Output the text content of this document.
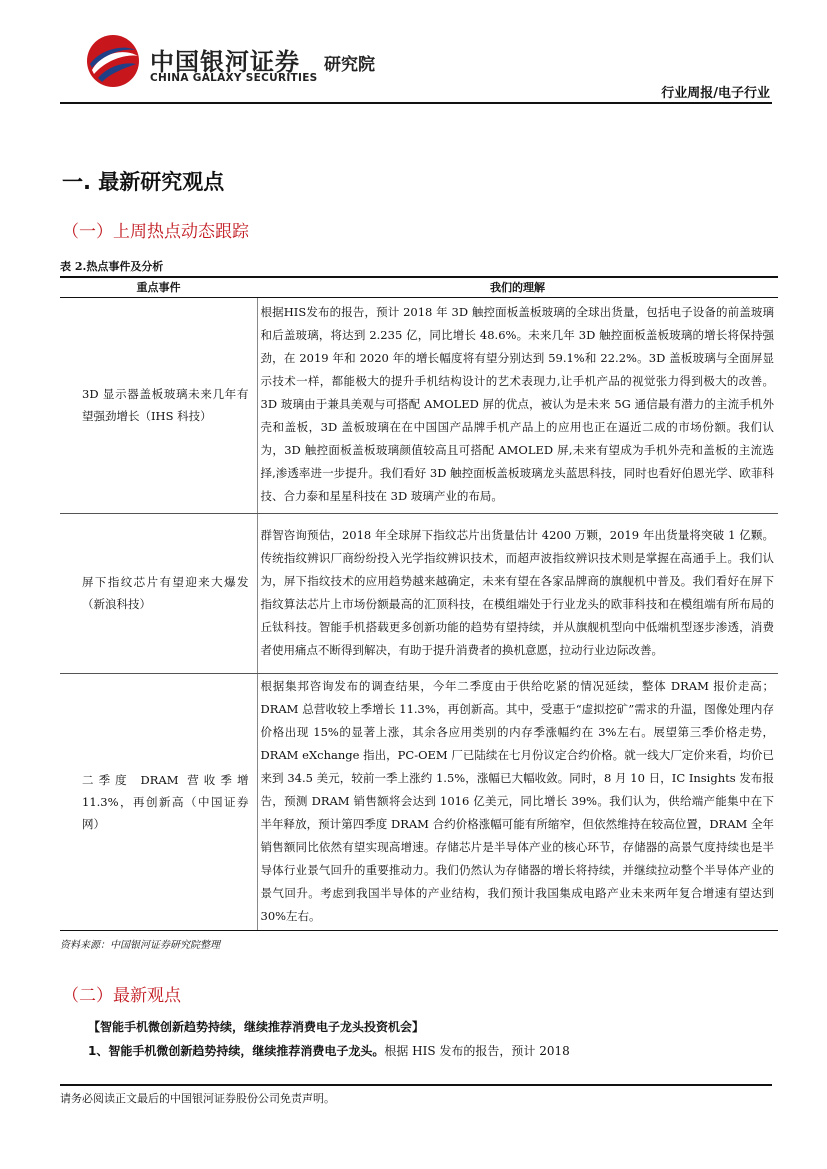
中国银河证券
CHINA GALAXY SECURITIES
研究院
行业周报/电子行业
一. 最新研究观点
（一）上周热点动态跟踪
表 2.热点事件及分析
重点事件	我们的理解
3D 显示器盖板玻璃未来几年有望强劲增长（IHS 科技）	根据HIS发布的报告，预计 2018 年 3D 触控面板盖板玻璃的全球出货量，包括电子设备的前盖玻璃和后盖玻璃，将达到 2.235 亿，同比增长 48.6%。未来几年 3D 触控面板盖板玻璃的增长将保持强劲，在 2019 年和 2020 年的增长幅度将有望分别达到 59.1%和 22.2%。3D 盖板玻璃与全面屏显示技术一样，都能极大的提升手机结构设计的艺术表现力,让手机产品的视觉张力得到极大的改善。3D 玻璃由于兼具美观与可搭配 AMOLED 屏的优点，被认为是未来 5G 通信最有潜力的主流手机外壳和盖板，3D 盖板玻璃在在中国国产品牌手机产品上的应用也正在逼近二成的市场份额。我们认为，3D 触控面板盖板玻璃颜值较高且可搭配 AMOLED 屏,未来有望成为手机外壳和盖板的主流选择,渗透率进一步提升。我们看好 3D 触控面板盖板玻璃龙头蓝思科技，同时也看好伯恩光学、欧菲科技、合力泰和星星科技在 3D 玻璃产业的布局。
屏下指纹芯片有望迎来大爆发 （新浪科技）	群智咨询预估，2018 年全球屏下指纹芯片出货量估计 4200 万颗，2019 年出货量将突破 1 亿颗。传统指纹辨识厂商纷纷投入光学指纹辨识技术，而超声波指纹辨识技术则是掌握在高通手上。我们认为，屏下指纹技术的应用趋势越来越确定，未来有望在各家品牌商的旗舰机中普及。我们看好在屏下指纹算法芯片上市场份额最高的汇顶科技，在模组端处于行业龙头的欧菲科技和在模组端有所布局的丘钛科技。智能手机搭载更多创新功能的趋势有望持续，并从旗舰机型向中低端机型逐步渗透，消费者使用痛点不断得到解决，有助于提升消费者的换机意愿，拉动行业边际改善。
二季度 DRAM 营收季增 11.3%，再创新高（中国证券网）	根据集邦咨询发布的调查结果，今年二季度由于供给吃紧的情况延续，整体 DRAM 报价走高；DRAM 总营收较上季增长 11.3%，再创新高。其中，受惠于“虚拟挖矿”需求的升温，图像处理内存价格出现 15%的显著上涨，其余各应用类别的内存季涨幅约在 3%左右。展望第三季价格走势，DRAM eXchange 指出，PC-OEM 厂已陆续在七月份议定合约价格。就一线大厂定价来看，均价已来到 34.5 美元，较前一季上涨约 1.5%，涨幅已大幅收敛。同时，8 月 10 日，IC Insights 发布报告，预测 DRAM 销售额将会达到 1016 亿美元，同比增长 39%。我们认为，供给端产能集中在下半年释放，预计第四季度 DRAM 合约价格涨幅可能有所缩窄，但依然维持在较高位置，DRAM 全年销售额同比依然有望实现高增速。存储芯片是半导体产业的核心环节，存储器的高景气度持续也是半导体行业景气回升的重要推动力。我们仍然认为存储器的增长将持续，并继续拉动整个半导体产业的景气回升。考虑到我国半导体的产业结构，我们预计我国集成电路产业未来两年复合增速有望达到 30%左右。
资料来源：中国银河证券研究院整理
（二）最新观点
【智能手机微创新趋势持续，继续推荐消费电子龙头投资机会】
1、智能手机微创新趋势持续，继续推荐消费电子龙头。根据 HIS 发布的报告，预计 2018
请务必阅读正文最后的中国银河证券股份公司免责声明。
